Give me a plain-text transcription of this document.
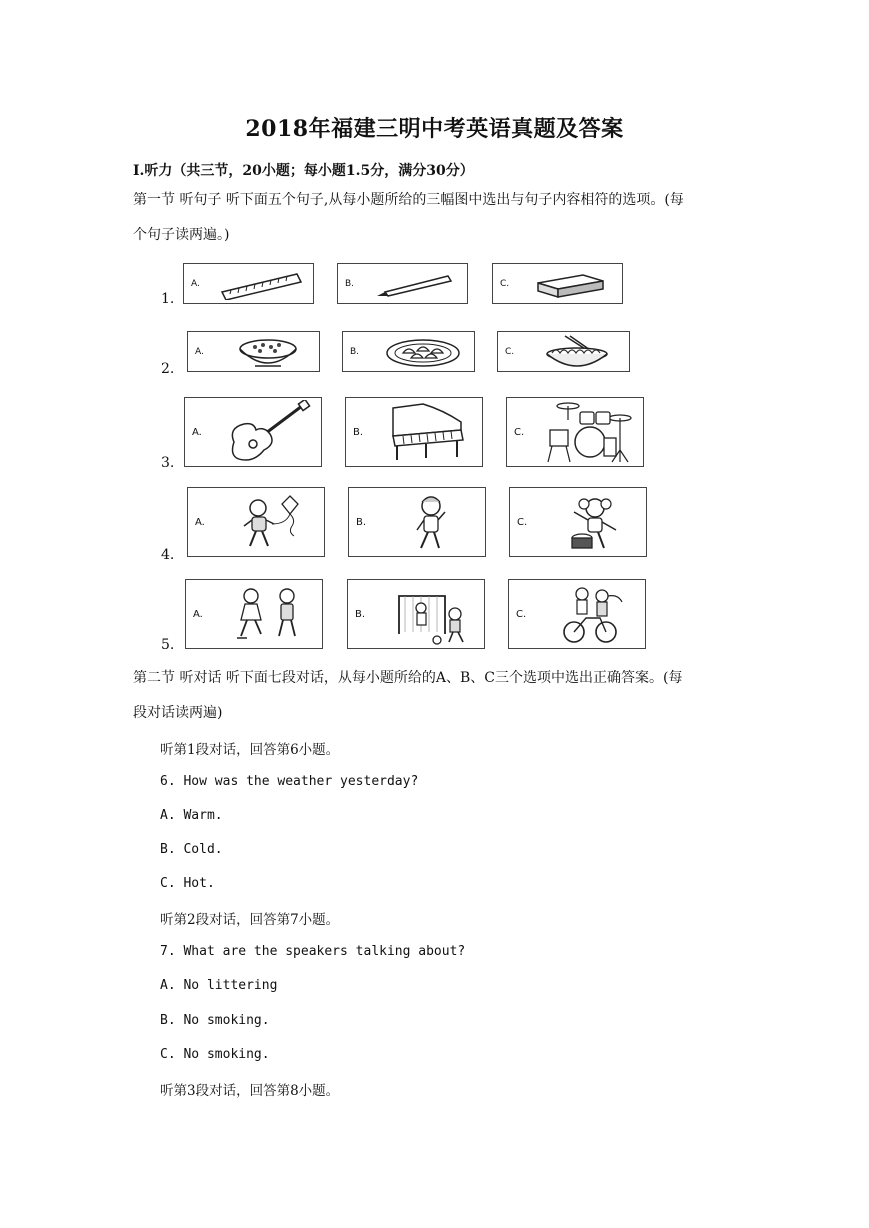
2018年福建三明中考英语真题及答案
Ⅰ.听力（共三节，20小题；每小题1.5分，满分30分）
第一节 听句子 听下面五个句子,从每小题所给的三幅图中选出与句子内容相符的选项。(每
个句子读两遍。)
1.
A.	B.	C.
2.
A.	B.	C.
3.
A.	B.	C.
4.
A.	B.	C.
5.
A.	B.	C.
第二节 听对话 听下面七段对话，从每小题所给的A、B、C三个选项中选出正确答案。(每
段对话读两遍)
听第1段对话，回答第6小题。
6. How was the weather yesterday?
A. Warm.
B. Cold.
C. Hot.
听第2段对话，回答第7小题。
7. What are the speakers talking about?
A. No littering
B. No smoking.
C. No smoking.
听第3段对话，回答第8小题。
